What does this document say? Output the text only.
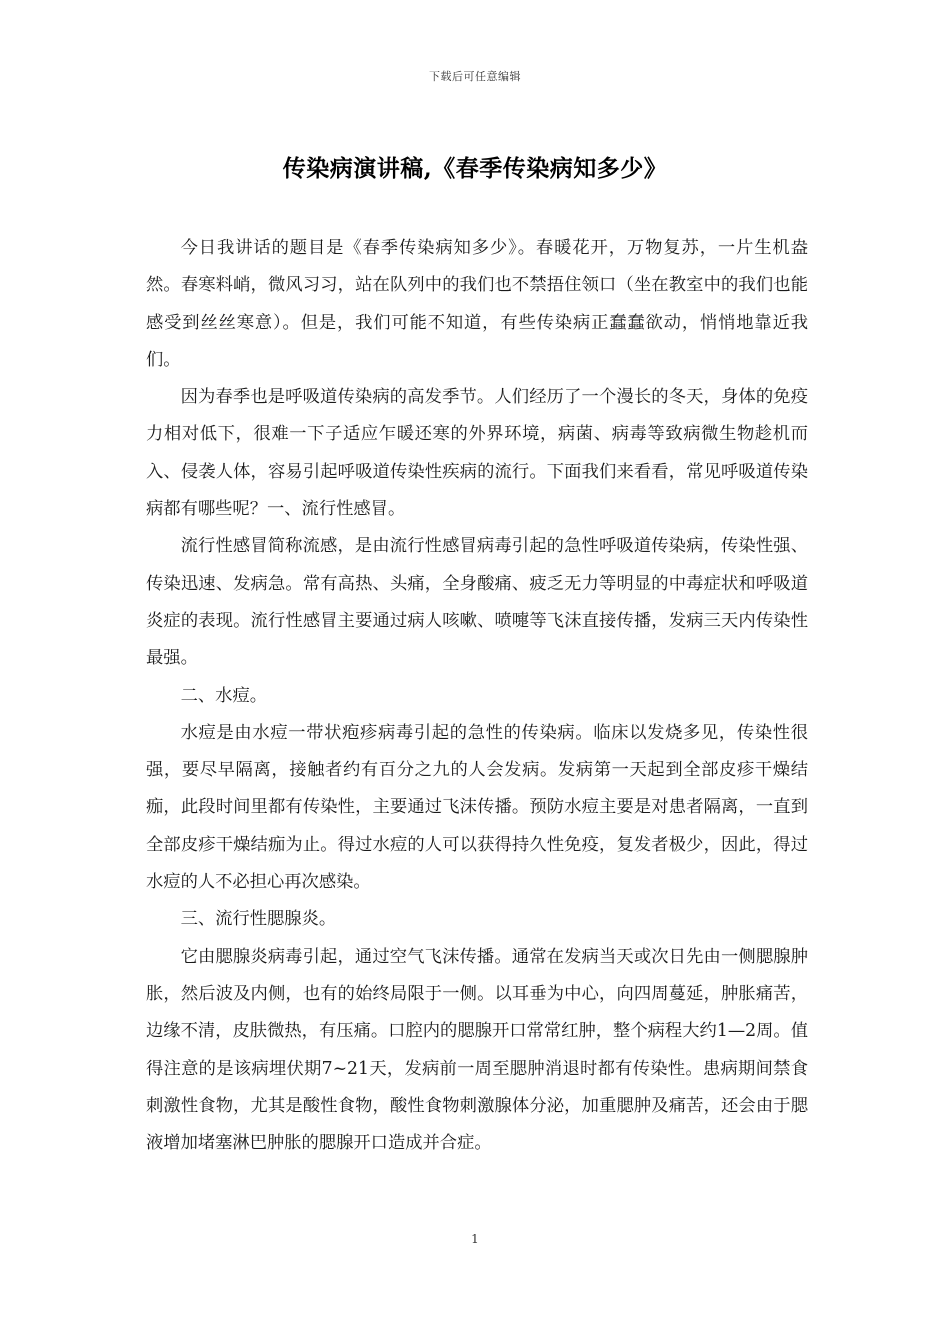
下载后可任意编辑
传染病演讲稿,《春季传染病知多少》

今日我讲话的题目是《春季传染病知多少》。春暖花开，万物复苏，一片生机盎然。春寒料峭，微风习习，站在队列中的我们也不禁捂住领口（坐在教室中的我们也能感受到丝丝寒意）。但是，我们可能不知道，有些传染病正蠢蠢欲动，悄悄地靠近我们。

因为春季也是呼吸道传染病的高发季节。人们经历了一个漫长的冬天，身体的免疫力相对低下，很难一下子适应乍暖还寒的外界环境，病菌、病毒等致病微生物趁机而入、侵袭人体，容易引起呼吸道传染性疾病的流行。下面我们来看看，常见呼吸道传染病都有哪些呢？一、流行性感冒。

流行性感冒简称流感，是由流行性感冒病毒引起的急性呼吸道传染病，传染性强、传染迅速、发病急。常有高热、头痛，全身酸痛、疲乏无力等明显的中毒症状和呼吸道炎症的表现。流行性感冒主要通过病人咳嗽、喷嚏等飞沫直接传播，发病三天内传染性最强。

二、水痘。

水痘是由水痘一带状疱疹病毒引起的急性的传染病。临床以发烧多见，传染性很强，要尽早隔离，接触者约有百分之九的人会发病。发病第一天起到全部皮疹干燥结痂，此段时间里都有传染性，主要通过飞沫传播。预防水痘主要是对患者隔离，一直到全部皮疹干燥结痂为止。得过水痘的人可以获得持久性免疫，复发者极少，因此，得过水痘的人不必担心再次感染。

三、流行性腮腺炎。

它由腮腺炎病毒引起，通过空气飞沫传播。通常在发病当天或次日先由一侧腮腺肿胀，然后波及内侧，也有的始终局限于一侧。以耳垂为中心，向四周蔓延，肿胀痛苦，边缘不清，皮肤微热，有压痛。口腔内的腮腺开口常常红肿，整个病程大约1—2周。值得注意的是该病埋伏期7~21天，发病前一周至腮肿消退时都有传染性。患病期间禁食刺激性食物，尤其是酸性食物，酸性食物刺激腺体分泌，加重腮肿及痛苦，还会由于腮液增加堵塞淋巴肿胀的腮腺开口造成并合症。

1
